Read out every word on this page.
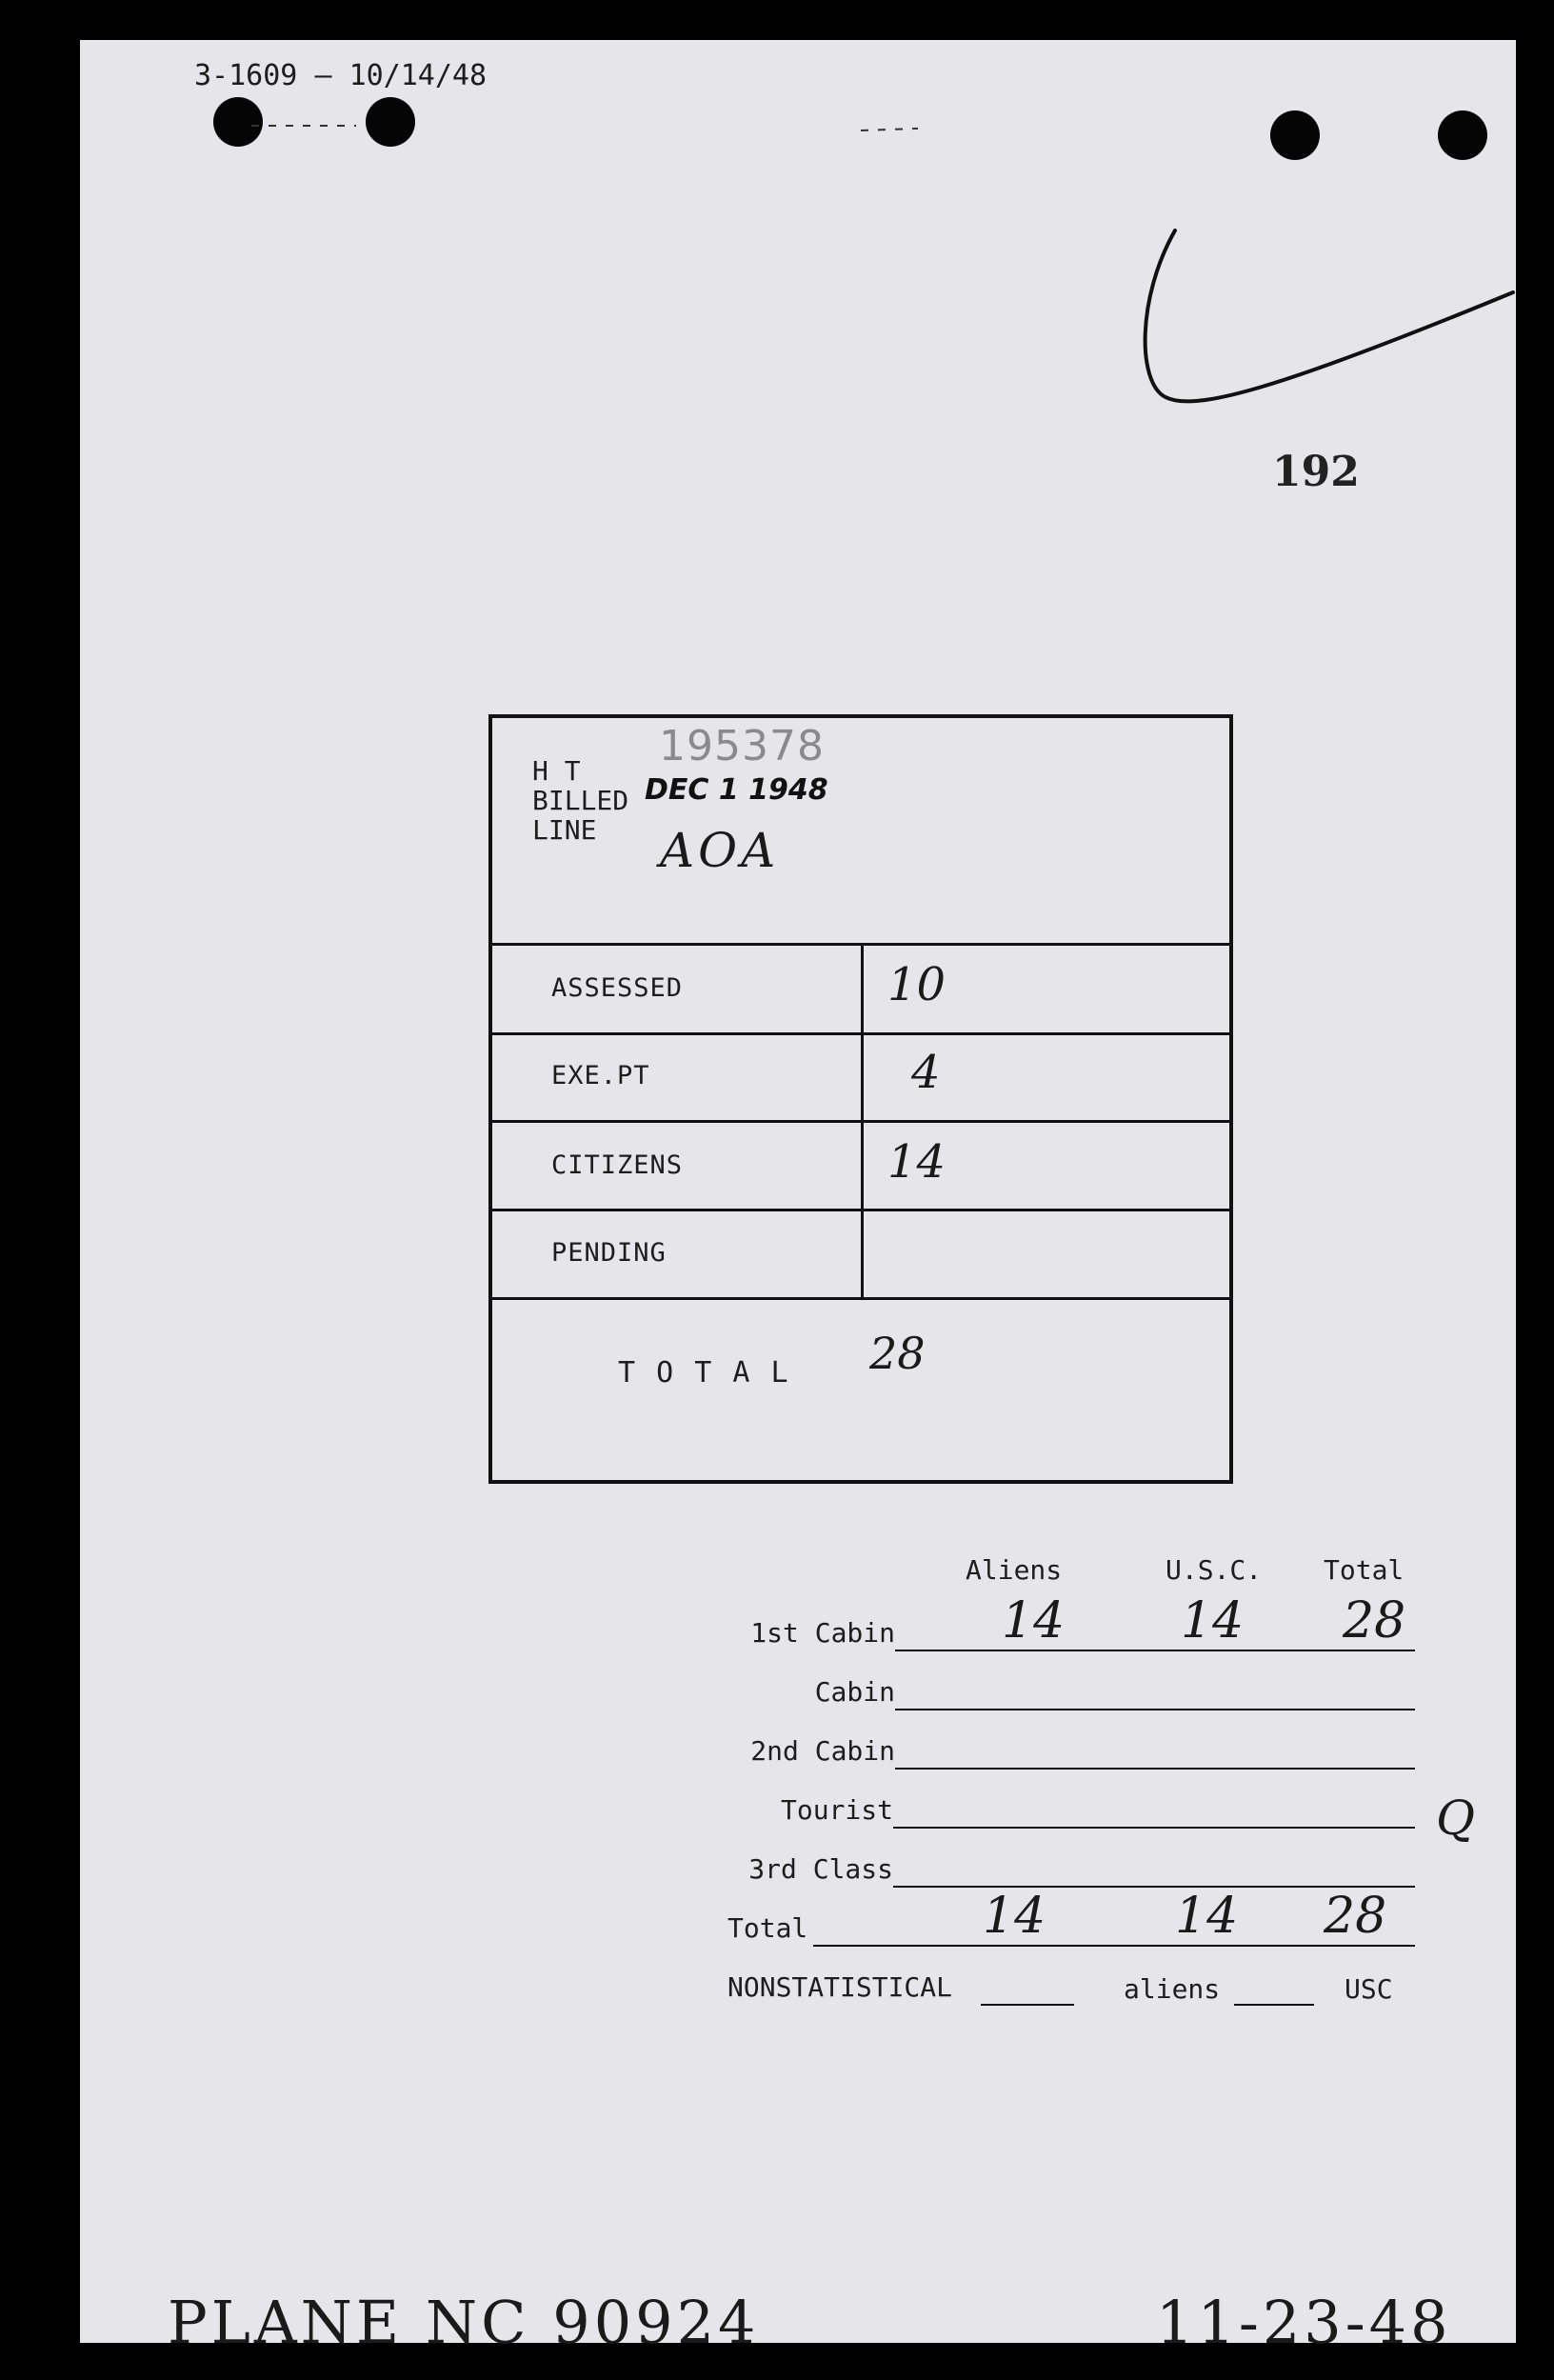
3-1609 — 10/14/48
192
H T
BILLED
LINE
195378
DEC 1 1948
AOA
ASSESSED	10
EXE.PT	4
CITIZENS	14
PENDING
T O T A L 28
Aliens	U.S.C. Total
1st Cabin 14 14 28
Cabin
2nd Cabin
Tourist	Q
3rd Class
Total	14	14 28
NONSTATISTICAL	aliens	USC
PLANE NC 90924	11-23-48
